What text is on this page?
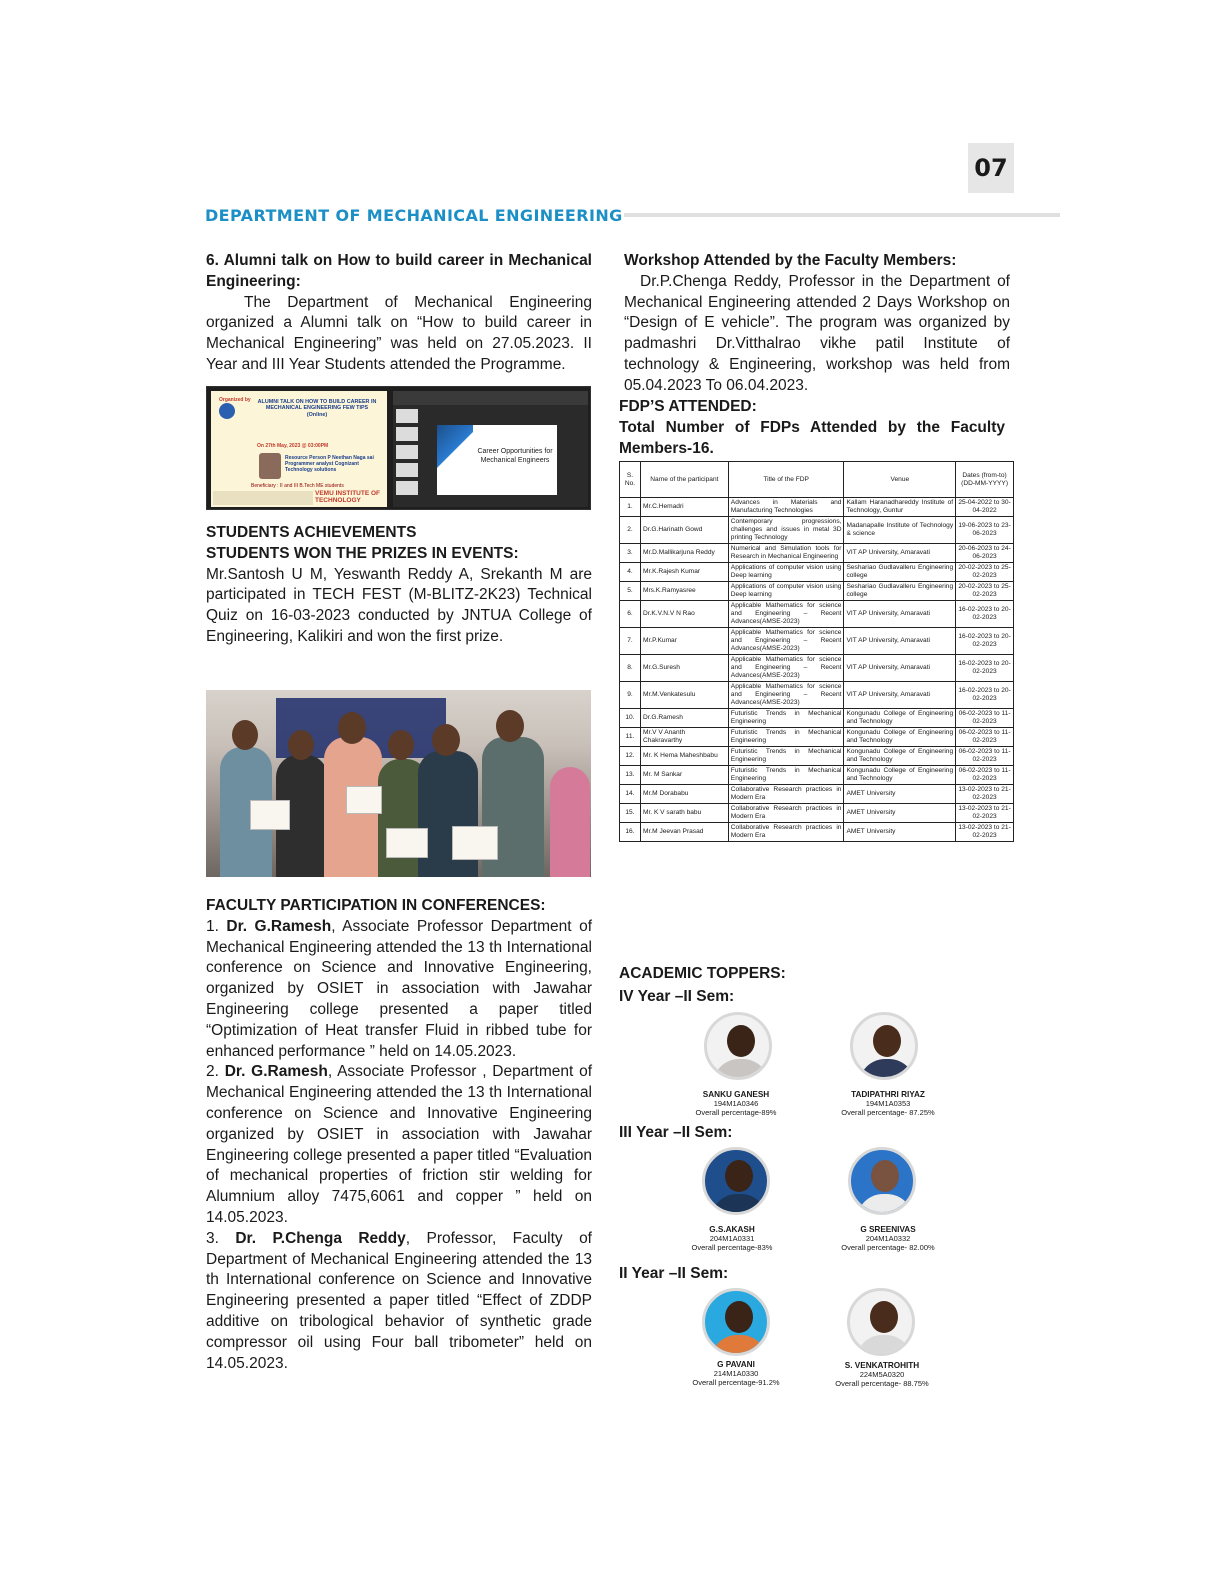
07
DEPARTMENT OF MECHANICAL ENGINEERING

6. Alumni talk on How to build career in Mechanical Engineering:

The Department of Mechanical Engineering organized a Alumni talk on “How to build career in Mechanical Engineering” was held on 27.05.2023. II Year and III Year Students attended the Programme.

Organized by ALUMNI TALK ON HOW TO BUILD CAREER IN MECHANICAL ENGINEERING FEW TIPS (Online)
On 27th May, 2023 @ 03:00PM
Resource Person P Neethan Naga sai Programmer analyst Cognizant Technology solutions
Beneficiary : II and III B.Tech ME students
VEMU INSTITUTE OF TECHNOLOGY
Career Opportunities for Mechanical Engineers

STUDENTS ACHIEVEMENTS

STUDENTS WON THE PRIZES IN EVENTS:

Mr.Santosh U M, Yeswanth Reddy A, Srekanth M are participated in TECH FEST (M-BLITZ-2K23) Technical Quiz on 16-03-2023 conducted by JNTUA College of Engineering, Kalikiri and won the first prize.

FACULTY PARTICIPATION IN CONFERENCES:

1. Dr. G.Ramesh, Associate Professor Department of Mechanical Engineering attended the 13 th International conference on Science and Innovative Engineering, organized by OSIET in association with Jawahar Engineering college presented a paper titled “Optimization of Heat transfer Fluid in ribbed tube for enhanced performance ” held on 14.05.2023.

2. Dr. G.Ramesh, Associate Professor , Department of Mechanical Engineering attended the 13 th International conference on Science and Innovative Engineering organized by OSIET in association with Jawahar Engineering college presented a paper titled “Evaluation of mechanical properties of friction stir welding for Alumnium alloy 7475,6061 and copper ” held on 14.05.2023.

3. Dr. P.Chenga Reddy, Professor, Faculty of Department of Mechanical Engineering attended the 13 th International conference on Science and Innovative Engineering presented a paper titled “Effect of ZDDP additive on tribological behavior of synthetic grade compressor oil using Four ball tribometer” held on 14.05.2023.

Workshop Attended by the Faculty Members:

Dr.P.Chenga Reddy, Professor in the Department of Mechanical Engineering attended 2 Days Workshop on “Design of E vehicle”. The program was organized by padmashri Dr.Vitthalrao vikhe patil Institute of technology & Engineering, workshop was held from 05.04.2023 To 06.04.2023.

FDP’S ATTENDED:

Total Number of FDPs Attended by the Faculty Members-16.

S. No.	Name of the participant	Title of the FDP	Venue	Dates (from-to) (DD-MM-YYYY)
1.	Mr.C.Hemadri	Advances in Materials and Manufacturing Technologies	Kallam Haranadhareddy Institute of Technology, Guntur	25-04-2022 to 30-04-2022
2.	Dr.G.Harinath Gowd	Contemporary progressions, challenges and issues in metal 3D printing Technology	Madanapalle Institute of Technology & science	19-06-2023 to 23-06-2023
3.	Mr.D.Mallikarjuna Reddy	Numerical and Simulation tools for Research in Mechanical Engineering	VIT AP University, Amaravati	20-06-2023 to 24-06-2023
4.	Mr.K.Rajesh Kumar	Applications of computer vision using Deep learning	Seshariao Gudlavalleru Engineering college	20-02-2023 to 25-02-2023
5.	Mrs.K.Ramyasree	Applications of computer vision using Deep learning	Seshariao Gudlavalleru Engineering college	20-02-2023 to 25-02-2023
6.	Dr.K.V.N.V N Rao	Applicable Mathematics for science and Engineering – Recent Advances(AMSE-2023)	VIT AP University, Amaravati	16-02-2023 to 20-02-2023
7.	Mr.P.Kumar	Applicable Mathematics for science and Engineering – Recent Advances(AMSE-2023)	VIT AP University, Amaravati	16-02-2023 to 20-02-2023
8.	Mr.G.Suresh	Applicable Mathematics for science and Engineering – Recent Advances(AMSE-2023)	VIT AP University, Amaravati	16-02-2023 to 20-02-2023
9.	Mr.M.Venkatesulu	Applicable Mathematics for science and Engineering – Recent Advances(AMSE-2023)	VIT AP University, Amaravati	16-02-2023 to 20-02-2023
10.	Dr.G.Ramesh	Futuristic Trends in Mechanical Engineering	Kongunadu College of Engineering and Technology	06-02-2023 to 11-02-2023
11.	Mr.V V Ananth Chakravarthy	Futuristic Trends in Mechanical Engineering	Kongunadu College of Engineering and Technology	06-02-2023 to 11-02-2023
12.	Mr. K Hema Maheshbabu	Futuristic Trends in Mechanical Engineering	Kongunadu College of Engineering and Technology	06-02-2023 to 11-02-2023
13.	Mr. M Sankar	Futuristic Trends in Mechanical Engineering	Kongunadu College of Engineering and Technology	06-02-2023 to 11-02-2023
14.	Mr.M Dorababu	Collaborative Research practices in Modern Era	AMET University	13-02-2023 to 21-02-2023
15.	Mr. K V sarath babu	Collaborative Research practices in Modern Era	AMET University	13-02-2023 to 21-02-2023
16.	Mr.M Jeevan Prasad	Collaborative Research practices in Modern Era	AMET University	13-02-2023 to 21-02-2023

ACADEMIC TOPPERS:

IV Year –II Sem:
III Year –II Sem:
II Year –II Sem:
SANKU GANESH
194M1A0346
Overall percentage-89%
TADIPATHRI RIYAZ
194M1A0353
Overall percentage- 87.25%
G.S.AKASH
204M1A0331
Overall percentage-83%
G SREENIVAS
204M1A0332
Overall percentage- 82.00%
G PAVANI
214M1A0330
Overall percentage-91.2%
S. VENKATROHITH
224M5A0320
Overall percentage- 88.75%
